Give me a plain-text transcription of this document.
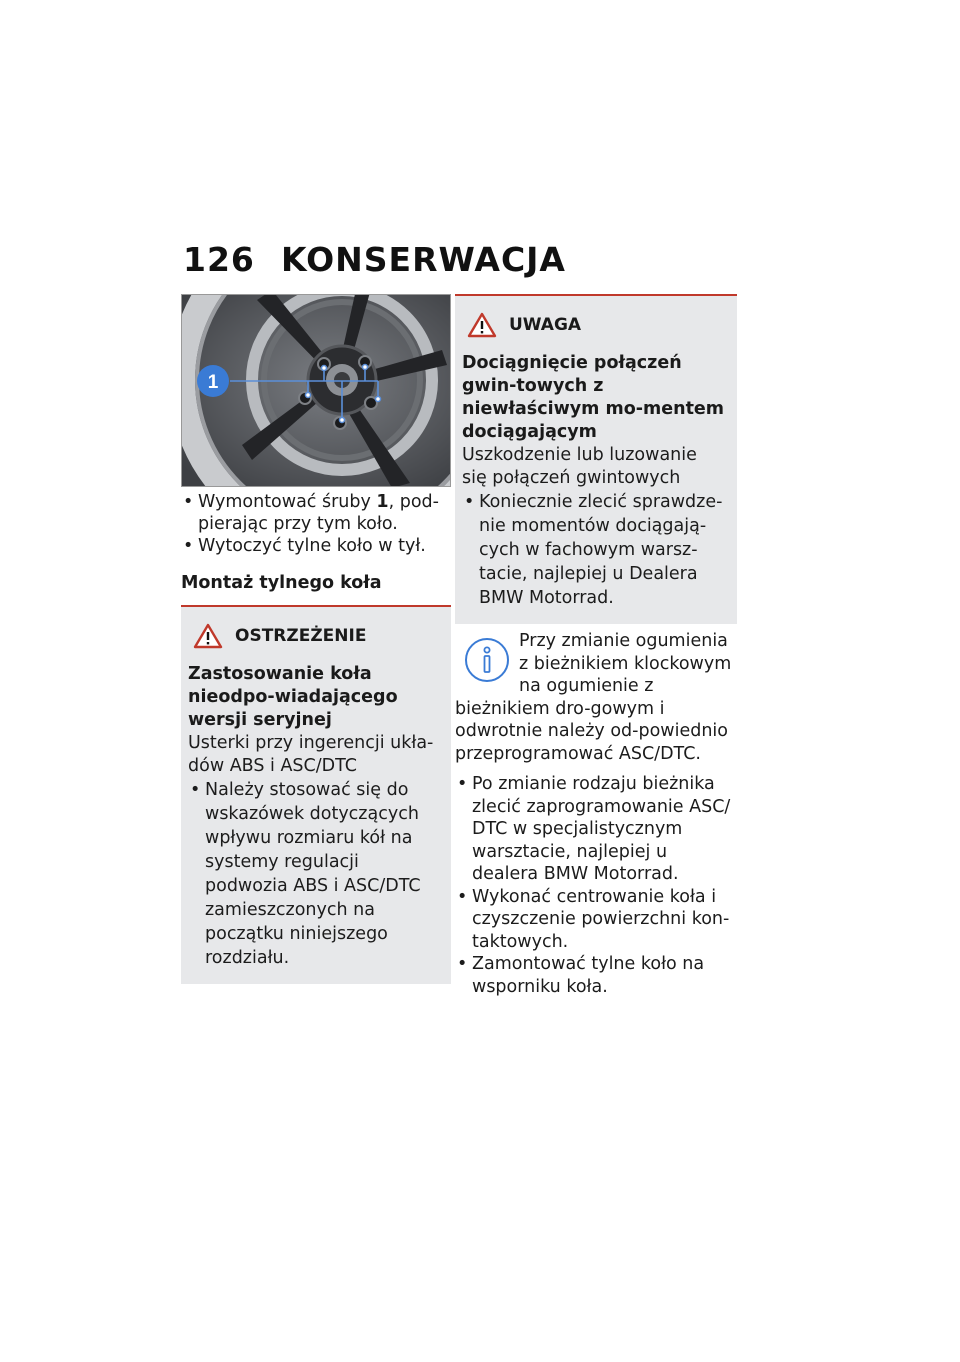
126 KONSERWACJA
1
• Wymontować śruby 1, pod-pierając przy tym koło.
• Wytoczyć tylne koło w tył.
Montaż tylnego koła
OSTRZEŻENIE
Zastosowanie koła nieodpo-wiadającego wersji seryjnej
Usterki przy ingerencji ukła-dów ABS i ASC/DTC
• Należy stosować się do wskazówek dotyczących wpływu rozmiaru kół na systemy regulacji podwozia ABS i ASC/DTC zamieszczonych na początku niniejszego rozdziału.
UWAGA
Dociągnięcie połączeń gwin-towych z niewłaściwym mo-mentem dociągającym
Uszkodzenie lub luzowanie się połączeń gwintowych
• Koniecznie zlecić sprawdze-nie momentów dociągają-cych w fachowym warsz-tacie, najlepiej u Dealera BMW Motorrad.
Przy zmianie ogumienia z bieżnikiem klockowym na ogumienie z bieżnikiem dro-gowym i odwrotnie należy od-powiednio przeprogramować ASC/DTC.
• Po zmianie rodzaju bieżnika zlecić zaprogramowanie ASC/ DTC w specjalistycznym warsztacie, najlepiej u dealera BMW Motorrad.
• Wykonać centrowanie koła i czyszczenie powierzchni kon-taktowych.
• Zamontować tylne koło na wsporniku koła.
